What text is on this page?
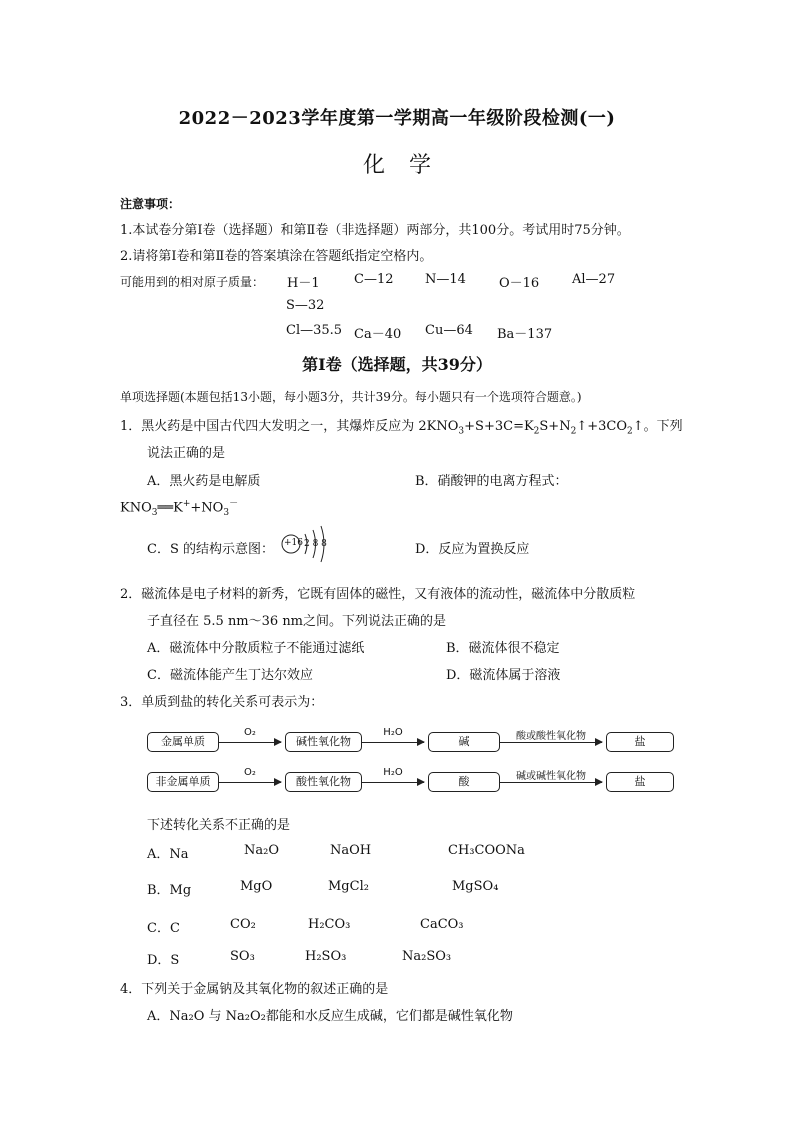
2022－2023学年度第一学期高一年级阶段检测(一)
化学
注意事项：
1.本试卷分第Ⅰ卷（选择题）和第Ⅱ卷（非选择题）两部分，共100分。考试用时75分钟。
2.请将第Ⅰ卷和第Ⅱ卷的答案填涂在答题纸指定空格内。
可能用到的相对原子质量： H－1	C—12 N—14	O－16	Al—27
S—32
Cl—35.5 Ca－40 Cu—64 Ba－137
第Ⅰ卷（选择题，共39分）
单项选择题(本题包括13小题，每小题3分，共计39分。每小题只有一个选项符合题意。)
1．黑火药是中国古代四大发明之一，其爆炸反应为 $2KNO_3+S+3C=K_2S+N_2↑+3CO_2↑$。下列
说法正确的是
A．黑火药是电解质	B．硝酸钾的电离方程式：
$KNO_3══K^++NO_3^-$
C．S 的结构示意图： +16 2 8 8	D．反应为置换反应
2．磁流体是电子材料的新秀，它既有固体的磁性，又有液体的流动性，磁流体中分散质粒
子直径在 5.5 nm～36 nm之间。下列说法正确的是
A．磁流体中分散质粒子不能通过滤纸	B．磁流体很不稳定
C．磁流体能产生丁达尔效应	D．磁流体属于溶液
3．单质到盐的转化关系可表示为：
金属单质
O₂
碱性氧化物
H₂O
碱	酸或酸性氧化物	盐
非金属单质
O₂
酸性氧化物
H₂O
酸	碱或碱性氧化物	盐
下述转化关系不正确的是
A．Na	Na₂O	NaOH	CH₃COONa
B．Mg	MgO	MgCl₂	MgSO₄
C．C	CO₂	H₂CO₃	CaCO₃
D．S	SO₃	H₂SO₃	Na₂SO₃
4．下列关于金属钠及其氧化物的叙述正确的是
A．Na₂O 与 Na₂O₂都能和水反应生成碱，它们都是碱性氧化物
